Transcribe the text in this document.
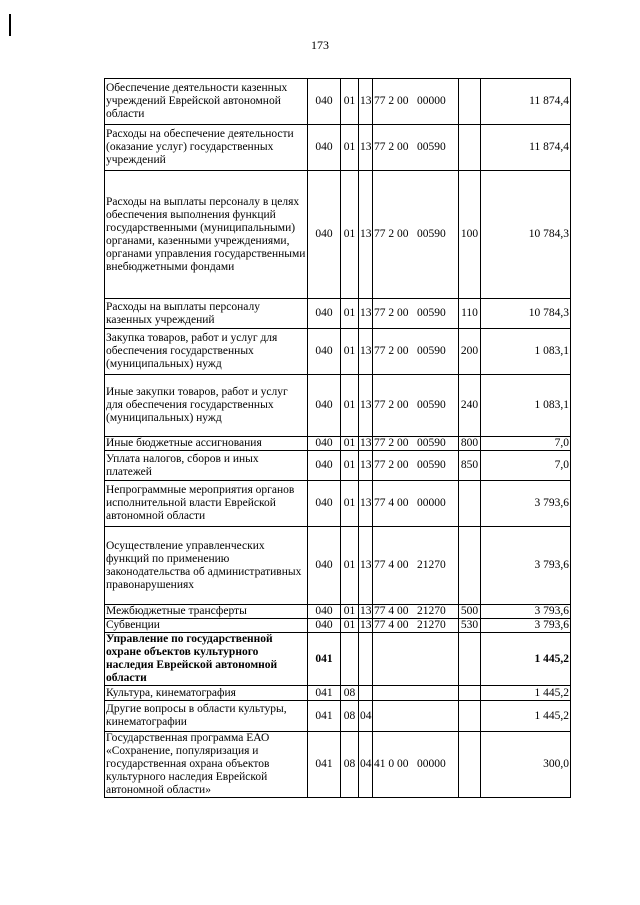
173
Обеспечение деятельности казенных учреждений Еврейской автономной области	040	01	13	77 2 00 00000		11 874,4
Расходы на обеспечение деятельности (оказание услуг) государственных учреждений	040	01	13	77 2 00 00590		11 874,4
Расходы на выплаты персоналу в целях обеспечения выполнения функций государственными (муниципальными) органами, казенными учреждениями, органами управления государственными внебюджетными фондами	040	01	13	77 2 00 00590	100	10 784,3
Расходы на выплаты персоналу казенных учреждений	040	01	13	77 2 00 00590	110	10 784,3
Закупка товаров, работ и услуг для обеспечения государственных (муниципальных) нужд	040	01	13	77 2 00 00590	200	1 083,1
Иные закупки товаров, работ и услуг для обеспечения государственных (муниципальных) нужд	040	01	13	77 2 00 00590	240	1 083,1
Иные бюджетные ассигнования	040	01	13	77 2 00 00590	800	7,0
Уплата налогов, сборов и иных платежей	040	01	13	77 2 00 00590	850	7,0
Непрограммные мероприятия органов исполнительной власти Еврейской автономной области	040	01	13	77 4 00 00000		3 793,6
Осуществление управленческих функций по применению законодательства об административных правонарушениях	040	01	13	77 4 00 21270		3 793,6
Межбюджетные трансферты	040	01	13	77 4 00 21270	500	3 793,6
Субвенции	040	01	13	77 4 00 21270	530	3 793,6
Управление по государственной охране объектов культурного наследия Еврейской автономной области	041					1 445,2
Культура, кинематография	041	08				1 445,2
Другие вопросы в области культуры, кинематографии	041	08	04			1 445,2
Государственная программа ЕАО «Сохранение, популяризация и государственная охрана объектов культурного наследия Еврейской автономной области»	041	08	04	41 0 00 00000		300,0
